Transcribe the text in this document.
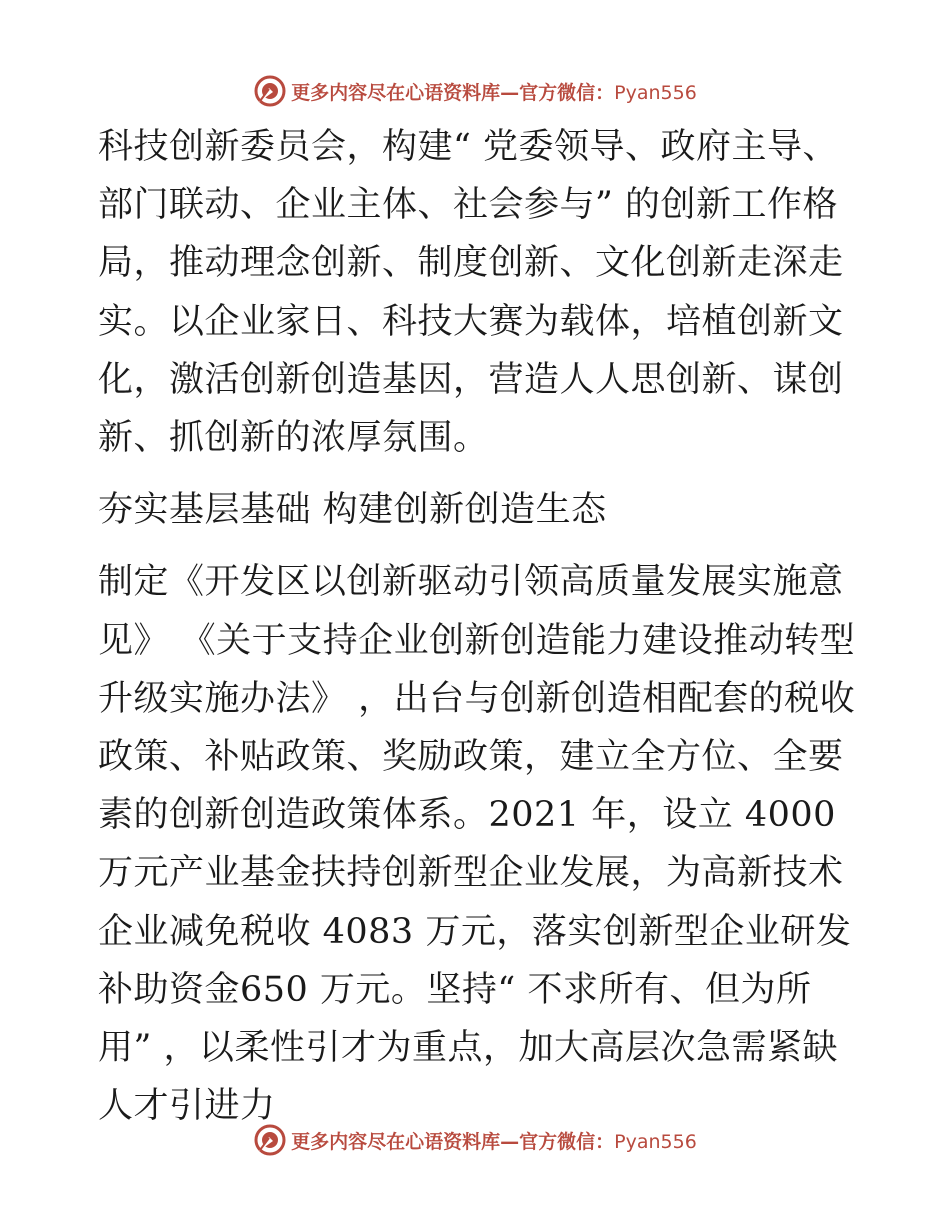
更多内容尽在心语资料库—官方微信：Pyan556

科技创新委员会，构建“ 党委领导、政府主导、部门联动、企业主体、社会参与” 的创新工作格局，推动理念创新、制度创新、文化创新走深走实。以企业家日、科技大赛为载体，培植创新文化，激活创新创造基因，营造人人思创新、谋创新、抓创新的浓厚氛围。

夯实基层基础 构建创新创造生态

制定《开发区以创新驱动引领高质量发展实施意见》 《关于支持企业创新创造能力建设推动转型升级实施办法》 ，出台与创新创造相配套的税收政策、补贴政策、奖励政策，建立全方位、全要素的创新创造政策体系。2021 年，设立 4000 万元产业基金扶持创新型企业发展，为高新技术企业减免税收 4083 万元，落实创新型企业研发补助资金650 万元。坚持“ 不求所有、但为所用” ，以柔性引才为重点，加大高层次急需紧缺人才引进力

更多内容尽在心语资料库—官方微信：Pyan556
